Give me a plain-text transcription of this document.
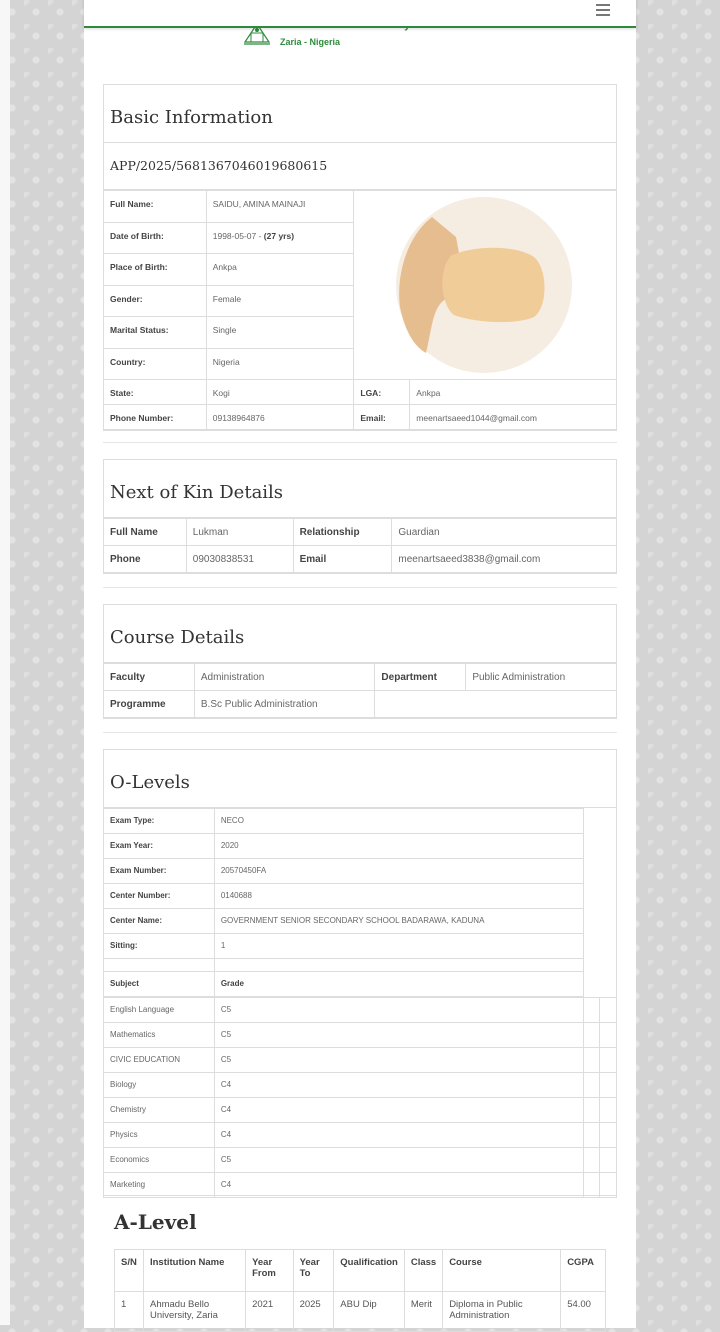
Zaria - Nigeria
Basic Information
APP/2025/5681367046019680615
Full Name:	SAIDU, AMINA MAINAJI	

Date of Birth:	1998-05-07 - (27 yrs)		
Place of Birth:	Ankpa		
Gender:	Female		
Marital Status:	Single		
Country:	Nigeria		
State:	Kogi	LGA:	Ankpa
Phone Number:	09138964876	Email:	meenartsaeed1044@gmail.com
Next of Kin Details
Full Name	Lukman	Relationship	Guardian
Phone	09030838531	Email	meenartsaeed3838@gmail.com
Course Details
Faculty	Administration	Department	Public Administration
Programme	B.Sc Public Administration		
O-Levels
Exam Type:	NECO
Exam Year:	2020
Exam Number:	20570450FA
Center Number:	0140688
Center Name:	GOVERNMENT SENIOR SECONDARY SCHOOL BADARAWA, KADUNA
Sitting:	1

Subject	Grade
English Language	C5		
Mathematics	C5		
CIVIC EDUCATION	C5		
Biology	C4		
Chemistry	C4		
Physics	C4		
Economics	C5		
Marketing	C4		
A-Level
S/N	Institution Name	Year From	Year To	Qualification	Class	Course	CGPA
1	Ahmadu Bello University, Zaria	2021	2025	ABU Dip	Merit	Diploma in Public Administration	54.00
